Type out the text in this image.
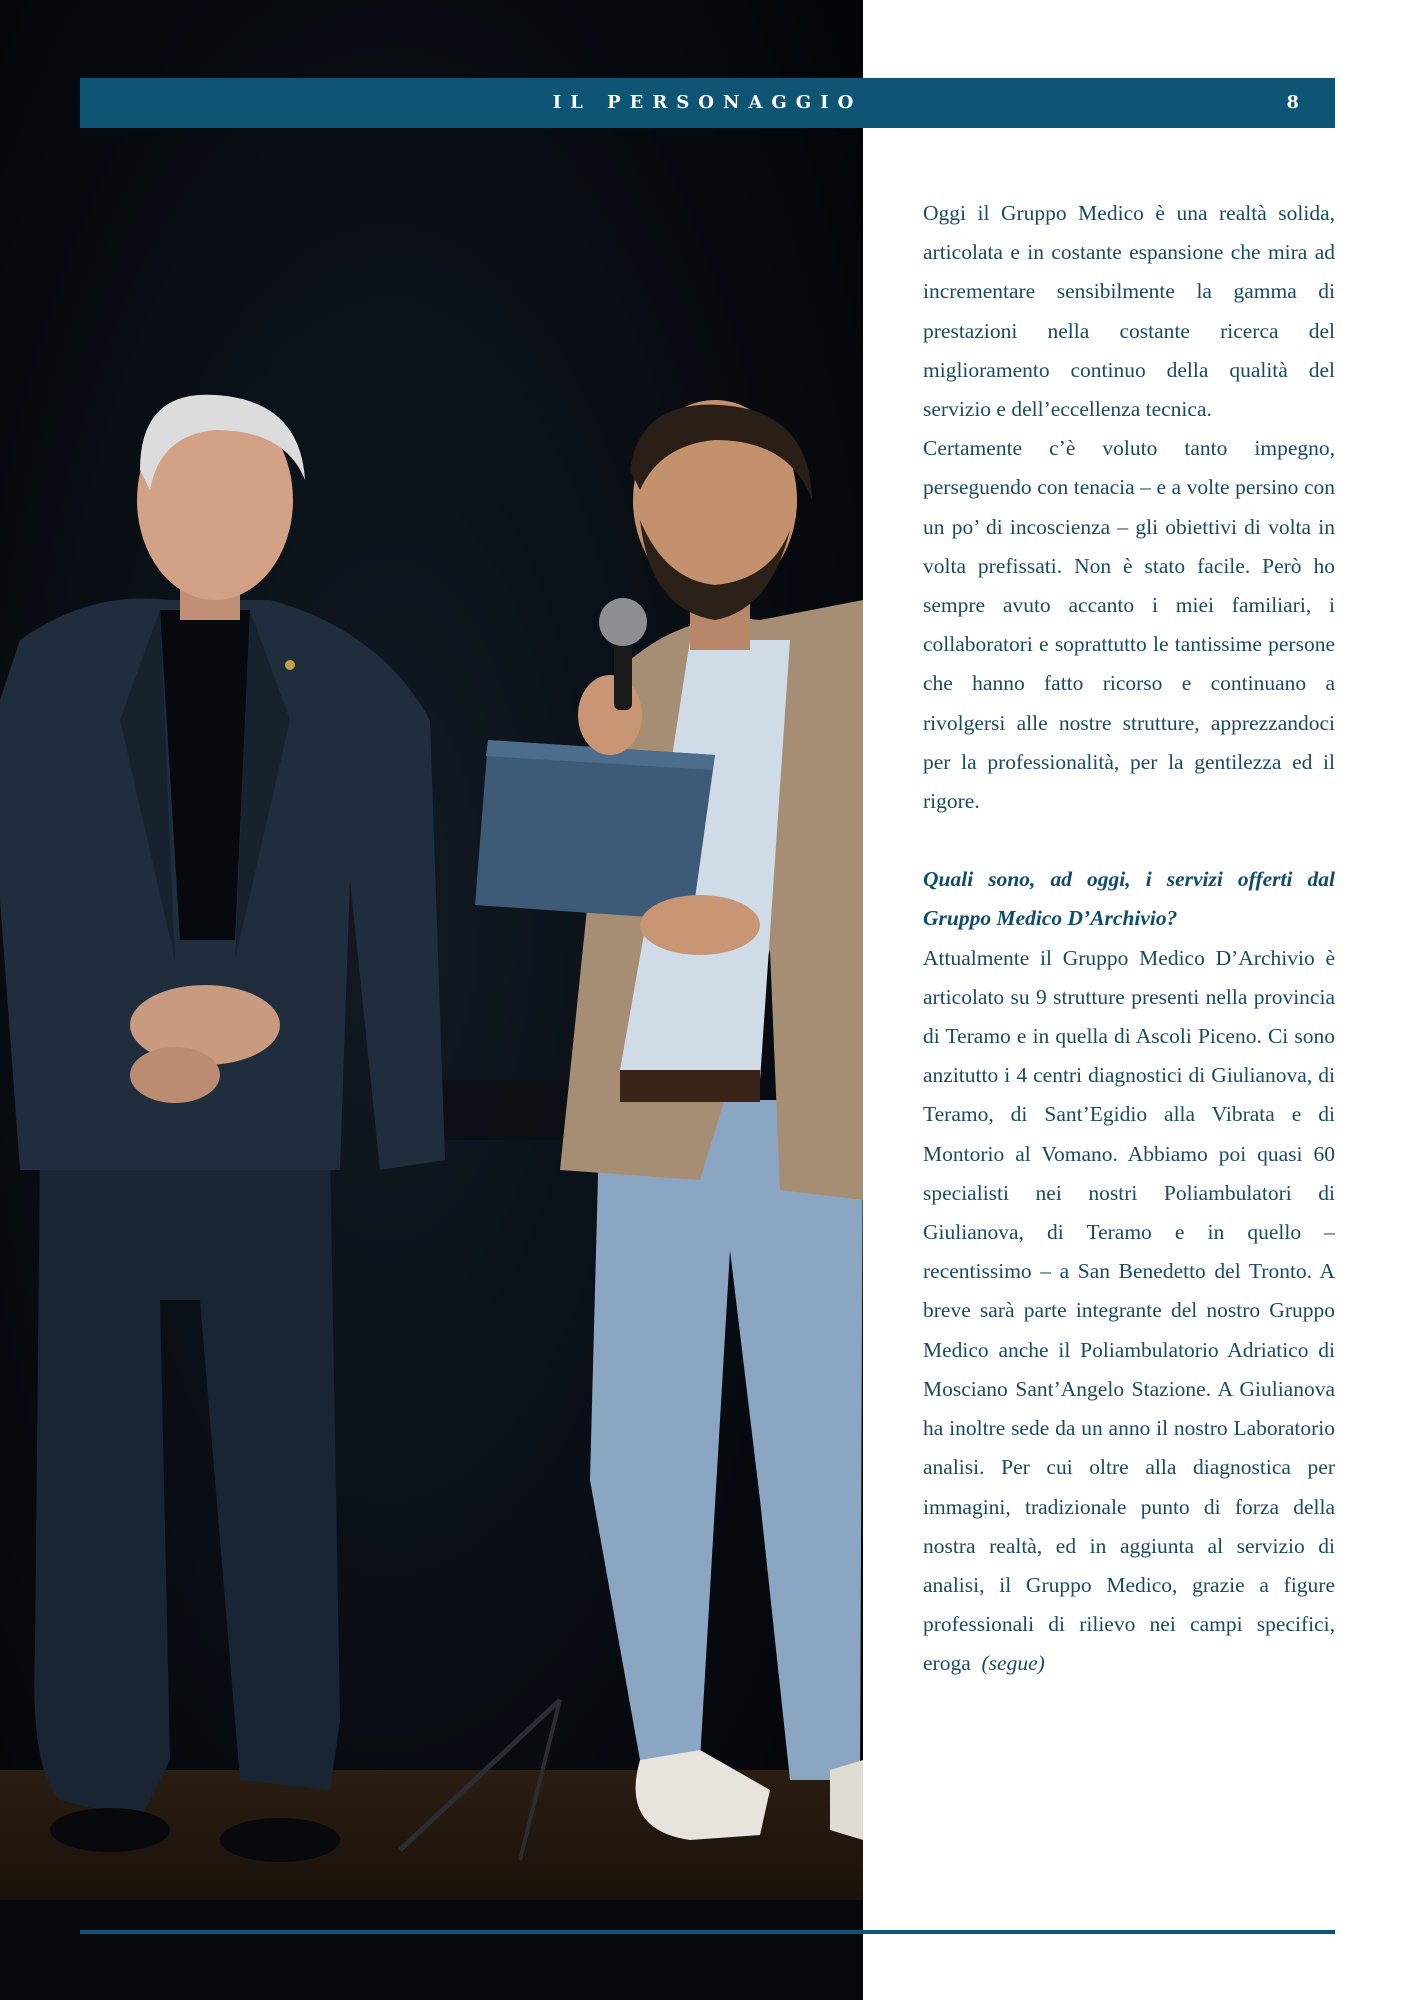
IL PERSONAGGIO	8

Oggi il Gruppo Medico è una realtà solida, articolata e in costante espansione che mira ad incrementare sensibilmente la gamma di prestazioni nella costante ricerca del miglioramento continuo della qualità del servizio e dell’eccellenza tecnica.

Certamente c’è voluto tanto impegno, perseguendo con tenacia – e a volte persino con un po’ di incoscienza – gli obiettivi di volta in volta prefissati. Non è stato facile. Però ho sempre avuto accanto i miei familiari, i collaboratori e soprattutto le tantissime persone che hanno fatto ricorso e continuano a rivolgersi alle nostre strutture, apprezzandoci per la professionalità, per la gentilezza ed il rigore.

Quali sono, ad oggi, i servizi offerti dal Gruppo Medico D’Archivio?

Attualmente il Gruppo Medico D’Archivio è articolato su 9 strutture presenti nella provincia di Teramo e in quella di Ascoli Piceno. Ci sono anzitutto i 4 centri diagnostici di Giulianova, di Teramo, di Sant’Egidio alla Vibrata e di Montorio al Vomano. Abbiamo poi quasi 60 specialisti nei nostri Poliambulatori di Giulianova, di Teramo e in quello – recentissimo – a San Benedetto del Tronto. A breve sarà parte integrante del nostro Gruppo Medico anche il Poliambulatorio Adriatico di Mosciano Sant’Angelo Stazione. A Giulianova ha inoltre sede da un anno il nostro Laboratorio analisi. Per cui oltre alla diagnostica per immagini, tradizionale punto di forza della nostra realtà, ed in aggiunta al servizio di analisi, il Gruppo Medico, grazie a figure professionali di rilievo nei campi specifici, eroga (segue)
